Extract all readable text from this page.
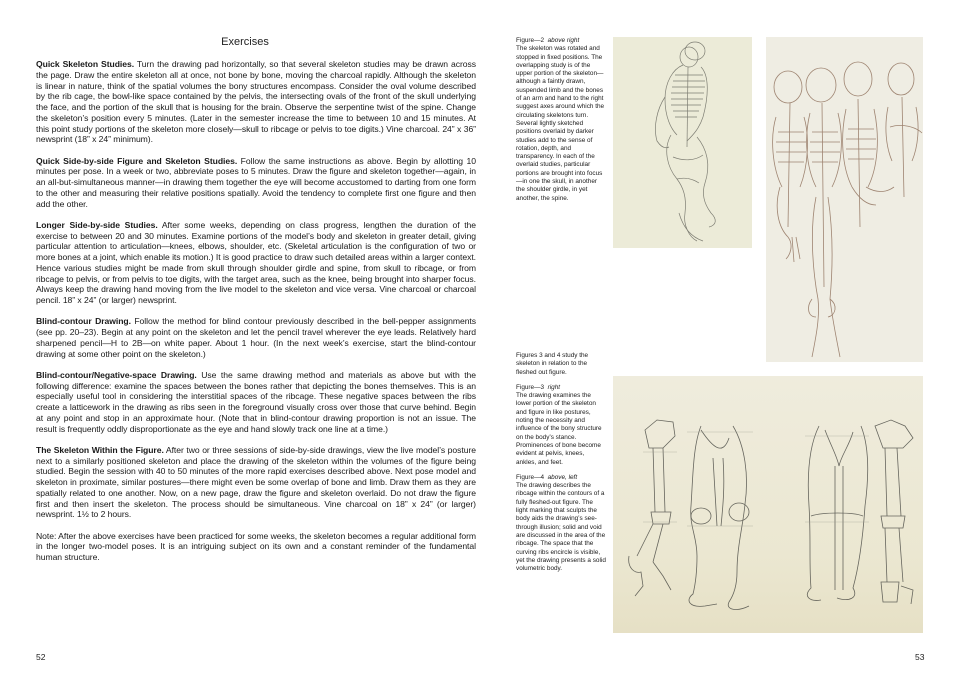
Exercises

Quick Skeleton Studies. Turn the drawing pad horizontally, so that several skeleton studies may be drawn across the page. Draw the entire skeleton all at once, not bone by bone, moving the charcoal rapidly. Although the skeleton is linear in nature, think of the spatial volumes the bony structures encompass. Consider the oval volume described by the rib cage, the bowl-like space contained by the pelvis, the intersecting ovals of the front of the skull underlying the face, and the portion of the skull that is housing for the brain. Observe the serpentine twist of the spine. Change the skeleton’s position every 5 minutes. (Later in the semester increase the time to between 10 and 15 minutes. At this point study portions of the skeleton more closely—skull to ribcage or pelvis to toe digits.) Vine charcoal. 24” x 36” newsprint (18” x 24” minimum).

Quick Side-by-side Figure and Skeleton Studies. Follow the same instructions as above. Begin by allotting 10 minutes per pose. In a week or two, abbreviate poses to 5 minutes. Draw the figure and skeleton together—again, in an all-but-simultaneous manner—in drawing them together the eye will become accustomed to darting from one form to the other and measuring their relative positions spatially. Avoid the tendency to complete first one figure and then add the other.

Longer Side-by-side Studies. After some weeks, depending on class progress, lengthen the duration of the exercise to between 20 and 30 minutes. Examine portions of the model’s body and skeleton in greater detail, giving particular attention to articulation—knees, elbows, shoulder, etc. (Skeletal articulation is the configuration of two or more bones at a joint, which enable its motion.) It is good practice to draw such detailed areas within a larger context. Hence various studies might be made from skull through shoulder girdle and spine, from skull to ribcage, or from ribcage to pelvis, or from pelvis to toe digits, with the target area, such as the knee, being brought into sharper focus. Always keep the drawing hand moving from the live model to the skeleton and vice versa. Vine charcoal or charcoal pencil. 18” x 24” (or larger) newsprint.

Blind-contour Drawing. Follow the method for blind contour previously described in the bell-pepper assignments (see pp. 20–23). Begin at any point on the skeleton and let the pencil travel wherever the eye leads. Relatively hard sharpened pencil—H to 2B—on white paper. About 1 hour. (In the next week’s exercise, start the blind-contour drawing at some other point on the skeleton.)

Blind-contour/Negative-space Drawing. Use the same drawing method and materials as above but with the following difference: examine the spaces between the bones rather that depicting the bones themselves. This is an especially useful tool in considering the interstitial spaces of the ribcage. These negative spaces between the ribs create a latticework in the drawing as ribs seen in the foreground visually cross over those that curve behind. Begin at any point and stop in an approximate hour. (Note that in blind-contour drawing proportion is not an issue. The result is frequently oddly disproportionate as the eye and hand slowly track one line at a time.)

The Skeleton Within the Figure. After two or three sessions of side-by-side drawings, view the live model’s posture next to a similarly positioned skeleton and place the drawing of the skeleton within the volumes of the figure being studied. Begin the session with 40 to 50 minutes of the more rapid exercises described above. Next pose model and skeleton in proximate, similar postures—there might even be some overlap of bone and limb. Draw them as they are spatially related to one another. Now, on a new page, draw the figure and skeleton overlaid. Do not draw the figure first and then insert the skeleton. The process should be simultaneous. Vine charcoal on 18” x 24” (or larger) newsprint. 1½ to 2 hours.

Note: After the above exercises have been practiced for some weeks, the skeleton becomes a regular additional form in the longer two-model poses. It is an intriguing subject on its own and a constant reminder of the fundamental human structure.

52
Figure—2 above right
The skeleton was rotated and stopped in fixed positions. The overlapping study is of the upper portion of the skeleton—although a faintly drawn, suspended limb and the bones of an arm and hand to the right suggest axes around which the circulating skeletons turn. Several lightly sketched positions overlaid by darker studies add to the sense of rotation, depth, and transparency. In each of the overlaid studies, particular portions are brought into focus—in one the skull, in another the shoulder girdle, in yet another, the spine.

Figures 3 and 4 study the skeleton in relation to the fleshed out figure.

Figure—3 right

The drawing examines the lower portion of the skeleton and figure in like postures, noting the necessity and influence of the bony structure on the body’s stance. Prominences of bone become evident at pelvis, knees, ankles, and feet.

Figure—4 above, left
The drawing describes the ribcage within the contours of a fully fleshed-out figure. The light marking that sculpts the body aids the drawing’s see-through illusion; solid and void are discussed in the area of the ribcage. The space that the curving ribs encircle is visible, yet the drawing presents a solid volumetric body.
53
